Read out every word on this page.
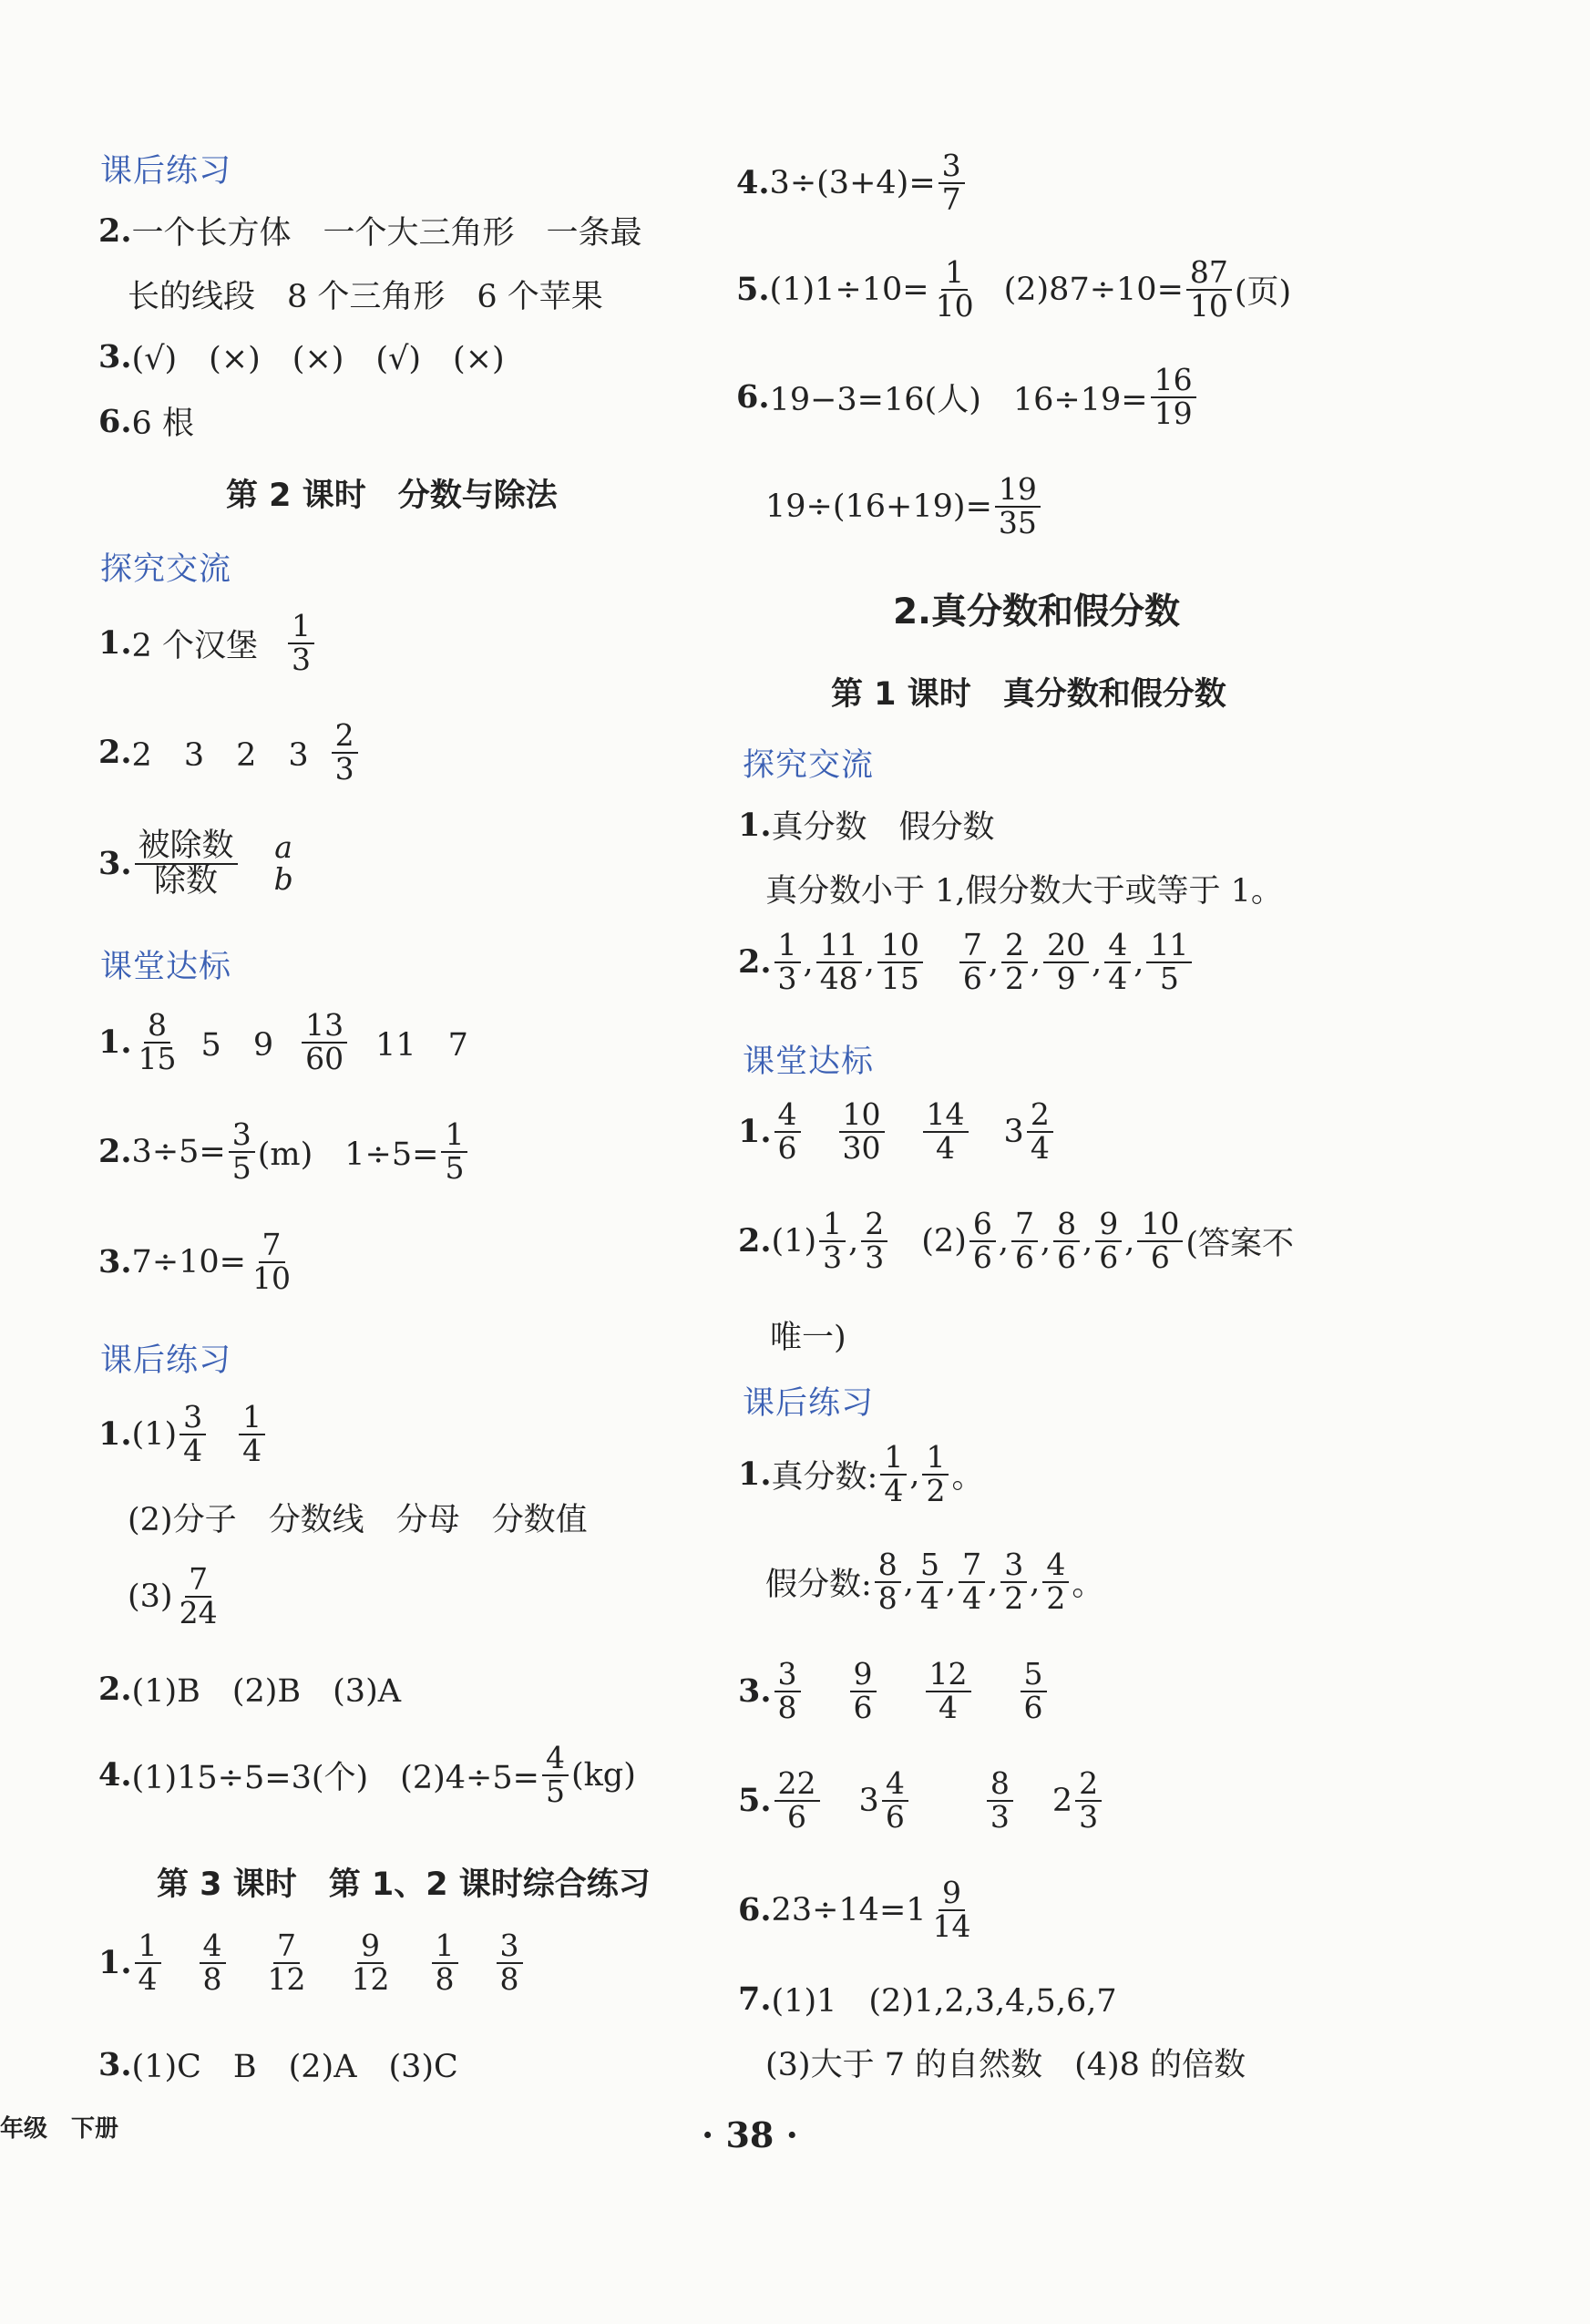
课后练习
2. 一个长方体　一个大三角形　一条最
长的线段　8 个三角形　6 个苹果
3. (√)　(×)　(×)　(√)　(×)
6. 6 根
第 2 课时　分数与除法
探究交流
1. 2 个汉堡 $\frac{1}{3}$
2. 2　3　2　$3 \frac{2}{3}$
3. $\frac{\text{被除数}}{\text{除数}}$ a
b
课堂达标
1. $\frac{8}{15} 5$　$9 \frac{13}{60} 11$　7
2. $3\div 5= \frac{3}{5} (m)$　$1\div 5= \frac{1}{5}$
3. $7\div 10= \frac{7}{10}$
课后练习
1. $(1) \frac{3}{4} \frac{1}{4}$
(2)分子　分数线　分母　分数值
$(3) \frac{7}{24}$
2. (1)B　(2)B　(3)A
4. (1)15÷5=3(个)　$(2)4\div 5= \frac{4}{5} (kg)$
第 3 课时　第 1、2 课时综合练习
1. $\frac{1}{4} \frac{4}{8} \frac{7}{12} \frac{9}{12} \frac{1}{8} \frac{3}{8}$
3. (1)C　B　(2)A　(3)C
4. $3\div(3+4)= \frac{3}{7}$
5. $(1)1\div 10= \frac{1}{10} (2)87\div 10= \frac{87}{10}$ (页)
6. 19−3=16(人)　$16\div 19= \frac{16}{19}$
$19\div(16+19)= \frac{19}{35}$
2.真分数和假分数
第 1 课时　真分数和假分数
探究交流
1. 真分数　假分数
真分数小于 1,假分数大于或等于 1。
2. $\frac{1}{3}$ , $\frac{11}{48}$ , $\frac{10}{15} \frac{7}{6}$ , $\frac{2}{2}$ , $\frac{20}{9}$ , $\frac{4}{4}$ , $\frac{11}{5}$
课堂达标
1. $\frac{4}{6} \frac{10}{30} \frac{14}{4} 3 \frac{2}{4}$
2. $(1) \frac{1}{3}$ , $\frac{2}{3} (2) \frac{6}{6}$ , $\frac{7}{6}$ , $\frac{8}{6}$ , $\frac{9}{6}$ , $\frac{10}{6}$ (答案不
唯一)
课后练习
1. 真分数: $\frac{1}{4}$ , $\frac{1}{2}$ 。
假分数: $\frac{8}{8}$ , $\frac{5}{4}$ , $\frac{7}{4}$ , $\frac{3}{2}$ , $\frac{4}{2}$ 。
3. $\frac{3}{8} \frac{9}{6} \frac{12}{4} \frac{5}{6}$
5. $\frac{22}{6} 3 \frac{4}{6}$	$\frac{8}{3} 2 \frac{2}{3}$
6. $23\div 14=1 \frac{9}{14}$
7. (1)1　(2)1,2,3,4,5,6,7
(3)大于 7 的自然数　(4)8 的倍数
· 38 ·
年级　下册
